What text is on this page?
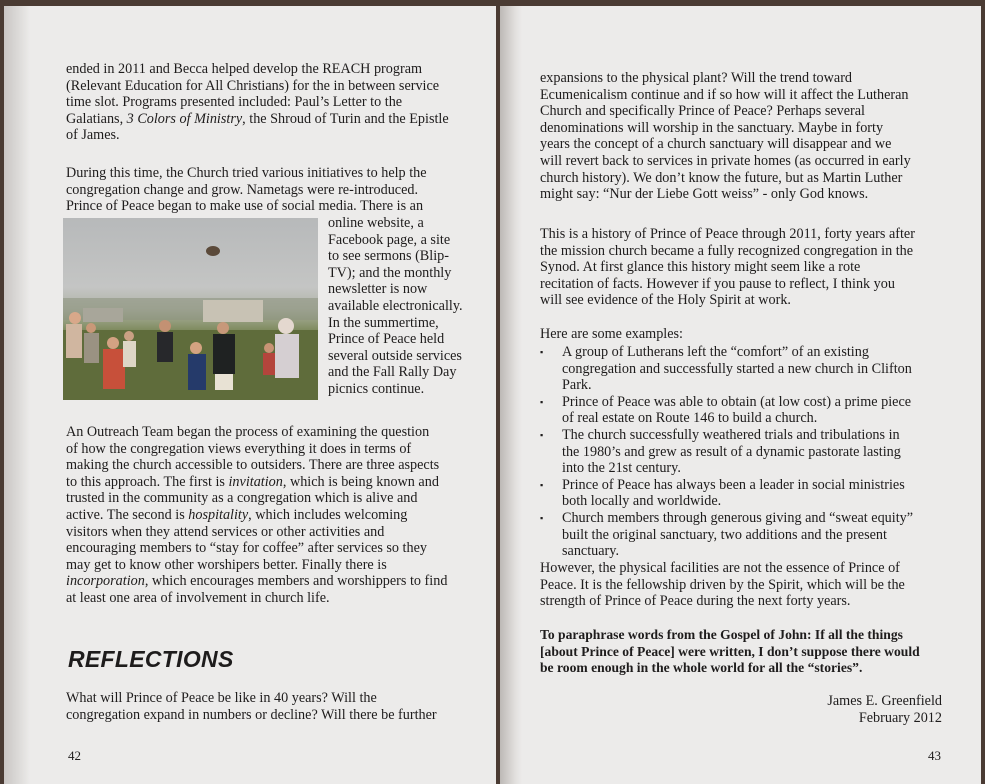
ended in 2011 and Becca helped develop the REACH program
(Relevant Education for All Christians) for the in between service
time slot. Programs presented included: Paul’s Letter to the
Galatians, 3 Colors of Ministry, the Shroud of Turin and the Epistle
of James.
During this time, the Church tried various initiatives to help the
congregation change and grow. Nametags were re-introduced.
Prince of Peace began to make use of social media. There is an
online website, a
Facebook page, a site
to see sermons (Blip-
TV); and the monthly
newsletter is now
available electronically.
In the summertime,
Prince of Peace held
several outside services
and the Fall Rally Day
picnics continue.
An Outreach Team began the process of examining the question
of how the congregation views everything it does in terms of
making the church accessible to outsiders. There are three aspects
to this approach. The first is invitation, which is being known and
trusted in the community as a congregation which is alive and
active. The second is hospitality, which includes welcoming
visitors when they attend services or other activities and
encouraging members to “stay for coffee” after services so they
may get to know other worshipers better. Finally there is
incorporation, which encourages members and worshippers to find
at least one area of involvement in church life.
REFLECTIONS
What will Prince of Peace be like in 40 years? Will the
congregation expand in numbers or decline? Will there be further
42
expansions to the physical plant? Will the trend toward
Ecumenicalism continue and if so how will it affect the Lutheran
Church and specifically Prince of Peace? Perhaps several
denominations will worship in the sanctuary. Maybe in forty
years the concept of a church sanctuary will disappear and we
will revert back to services in private homes (as occurred in early
church history). We don’t know the future, but as Martin Luther
might say: “Nur der Liebe Gott weiss” - only God knows.
This is a history of Prince of Peace through 2011, forty years after
the mission church became a fully recognized congregation in the
Synod. At first glance this history might seem like a rote
recitation of facts. However if you pause to reflect, I think you
will see evidence of the Holy Spirit at work.
Here are some examples:
▪ A group of Lutherans left the “comfort” of an existing
congregation and successfully started a new church in Clifton
Park.
▪ Prince of Peace was able to obtain (at low cost) a prime piece
of real estate on Route 146 to build a church.
▪ The church successfully weathered trials and tribulations in
the 1980’s and grew as result of a dynamic pastorate lasting
into the 21st century.
▪ Prince of Peace has always been a leader in social ministries
both locally and worldwide.
▪ Church members through generous giving and “sweat equity”
built the original sanctuary, two additions and the present
sanctuary.
However, the physical facilities are not the essence of Prince of
Peace. It is the fellowship driven by the Spirit, which will be the
strength of Prince of Peace during the next forty years.
To paraphrase words from the Gospel of John: If all the things
[about Prince of Peace] were written, I don’t suppose there would
be room enough in the whole world for all the “stories”.
James E. Greenfield
February 2012
43
